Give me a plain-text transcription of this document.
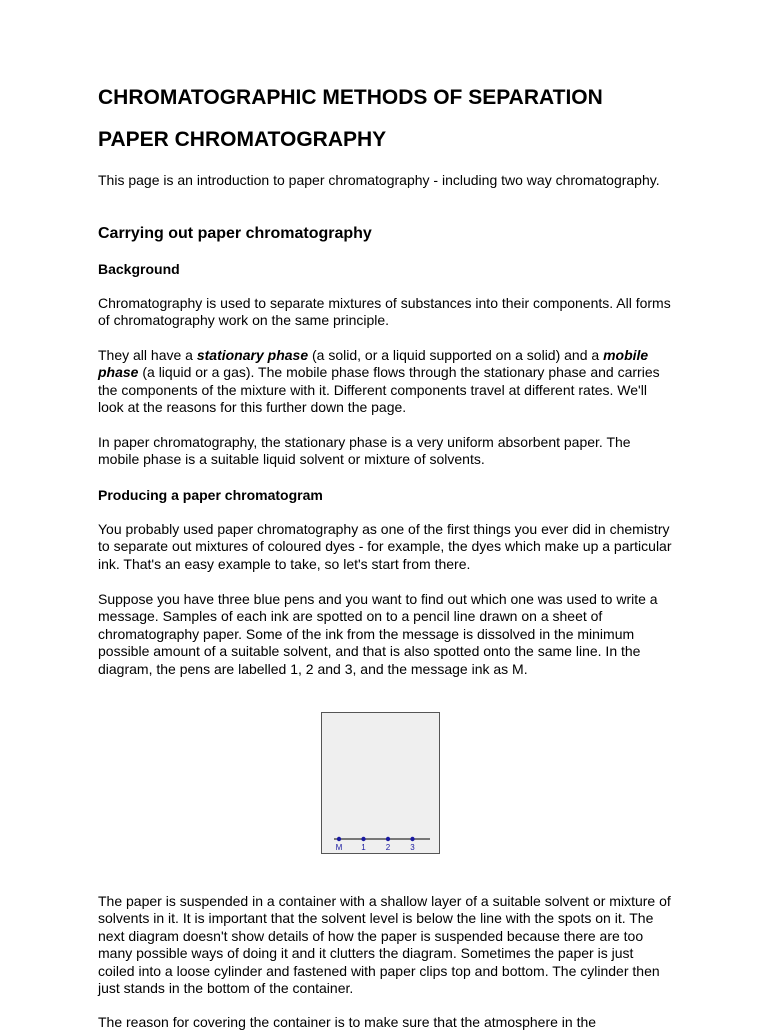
CHROMATOGRAPHIC METHODS OF SEPARATION
PAPER CHROMATOGRAPHY
This page is an introduction to paper chromatography - including two way chromatography.
Carrying out paper chromatography
Background
Chromatography is used to separate mixtures of substances into their components. All forms of chromatography work on the same principle.
They all have a stationary phase (a solid, or a liquid supported on a solid) and a mobile phase (a liquid or a gas). The mobile phase flows through the stationary phase and carries the components of the mixture with it. Different components travel at different rates. We'll look at the reasons for this further down the page.
In paper chromatography, the stationary phase is a very uniform absorbent paper. The mobile phase is a suitable liquid solvent or mixture of solvents.
Producing a paper chromatogram
You probably used paper chromatography as one of the first things you ever did in chemistry to separate out mixtures of coloured dyes - for example, the dyes which make up a particular ink. That's an easy example to take, so let's start from there.
Suppose you have three blue pens and you want to find out which one was used to write a message. Samples of each ink are spotted on to a pencil line drawn on a sheet of chromatography paper. Some of the ink from the message is dissolved in the minimum possible amount of a suitable solvent, and that is also spotted onto the same line. In the diagram, the pens are labelled 1, 2 and 3, and the message ink as M.
The paper is suspended in a container with a shallow layer of a suitable solvent or mixture of solvents in it. It is important that the solvent level is below the line with the spots on it. The next diagram doesn't show details of how the paper is suspended because there are too many possible ways of doing it and it clutters the diagram. Sometimes the paper is just coiled into a loose cylinder and fastened with paper clips top and bottom. The cylinder then just stands in the bottom of the container.
The reason for covering the container is to make sure that the atmosphere in the
M 1	2	3
